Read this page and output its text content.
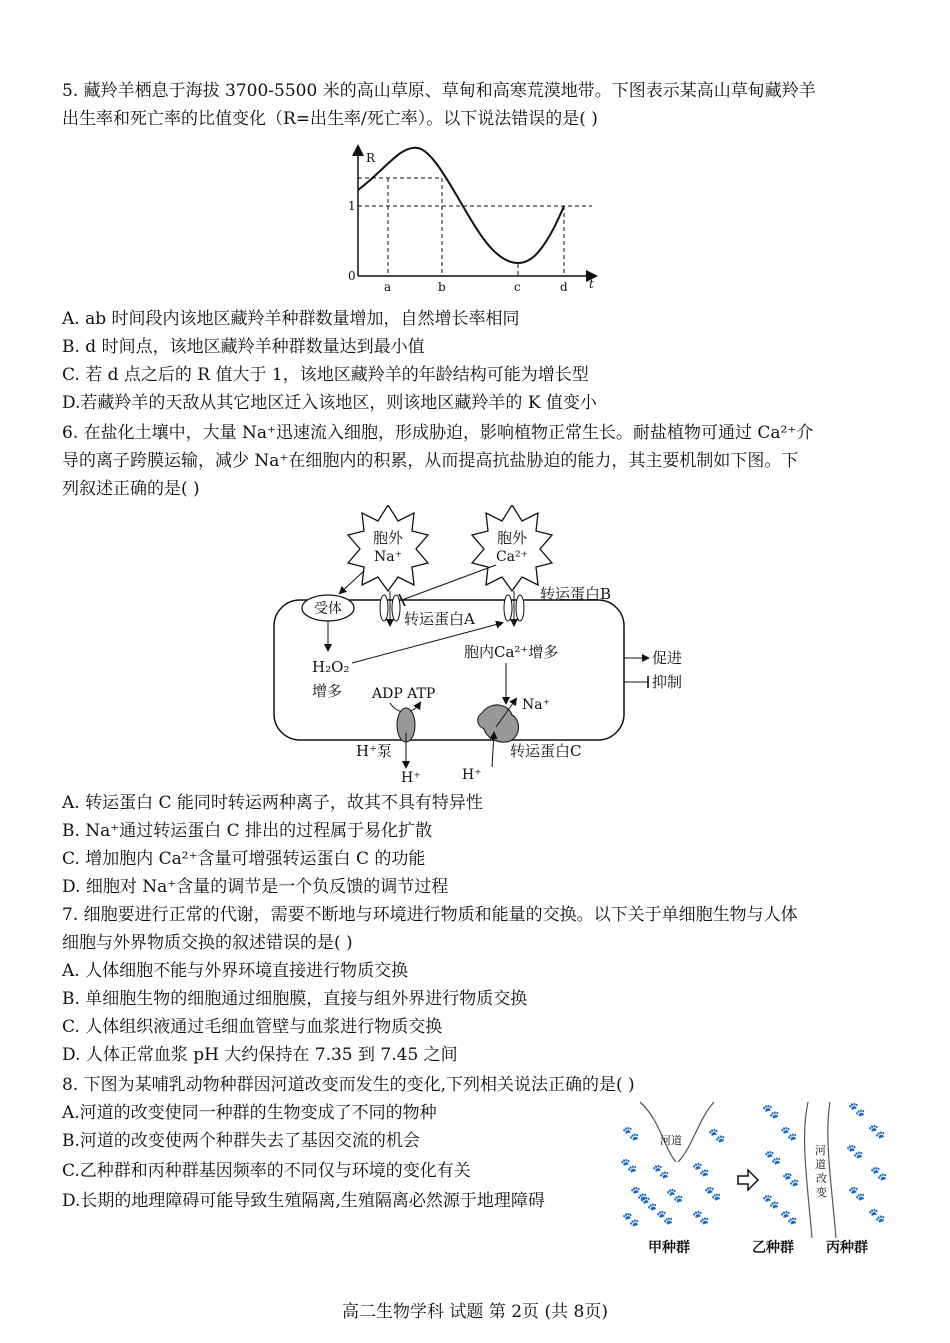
5. 藏羚羊栖息于海拔 3700-5500 米的高山草原、草甸和高寒荒漠地带。下图表示某高山草甸藏羚羊
出生率和死亡率的比值变化（R=出生率/死亡率）。以下说法错误的是( )
R
t
0
1
a	b	c	d
A. ab 时间段内该地区藏羚羊种群数量增加，自然增长率相同
B. d 时间点，该地区藏羚羊种群数量达到最小值
C. 若 d 点之后的 R 值大于 1，该地区藏羚羊的年龄结构可能为增长型
D.若藏羚羊的天敌从其它地区迁入该地区，则该地区藏羚羊的 K 值变小
6. 在盐化土壤中，大量 Na⁺迅速流入细胞，形成胁迫，影响植物正常生长。耐盐植物可通过 Ca²⁺介
导的离子跨膜运输，减少 Na⁺在细胞内的积累，从而提高抗盐胁迫的能力，其主要机制如下图。下
列叙述正确的是( )
胞外
Na⁺
胞外
Ca²⁺
受体
转运蛋白A
转运蛋白B
H₂O₂
增多
胞内Ca²⁺增多
ADP ATP
H⁺泵
H⁺
Na⁺
转运蛋白C
H⁺
促进
抑制
A. 转运蛋白 C 能同时转运两种离子，故其不具有特异性
B. Na⁺通过转运蛋白 C 排出的过程属于易化扩散
C. 增加胞内 Ca²⁺含量可增强转运蛋白 C 的功能
D. 细胞对 Na⁺含量的调节是一个负反馈的调节过程
7. 细胞要进行正常的代谢，需要不断地与环境进行物质和能量的交换。以下关于单细胞生物与人体
细胞与外界物质交换的叙述错误的是( )
A. 人体细胞不能与外界环境直接进行物质交换
B. 单细胞生物的细胞通过细胞膜，直接与组外界进行物质交换
C. 人体组织液通过毛细血管壁与血浆进行物质交换
D. 人体正常血浆 pH 大约保持在 7.35 到 7.45 之间
8. 下图为某哺乳动物种群因河道改变而发生的变化,下列相关说法正确的是( )
A.河道的改变使同一种群的生物变成了不同的物种
B.河道的改变使两个种群失去了基因交流的机会
C.乙种群和丙种群基因频率的不同仅与环境的变化有关
D.长期的地理障碍可能导致生殖隔离,生殖隔离必然源于地理障碍
河道
🐾	🐾
🐾 🐾 🐾
🐾 🐾 🐾
🐾 🐾 🐾
🐾
河
道
改
变
🐾
🐾
🐾
🐾
🐾
🐾
🐾
🐾
🐾
🐾
🐾
🐾
甲种群	乙种群 丙种群
高二生物学科 试题 第 2页 (共 8页)
